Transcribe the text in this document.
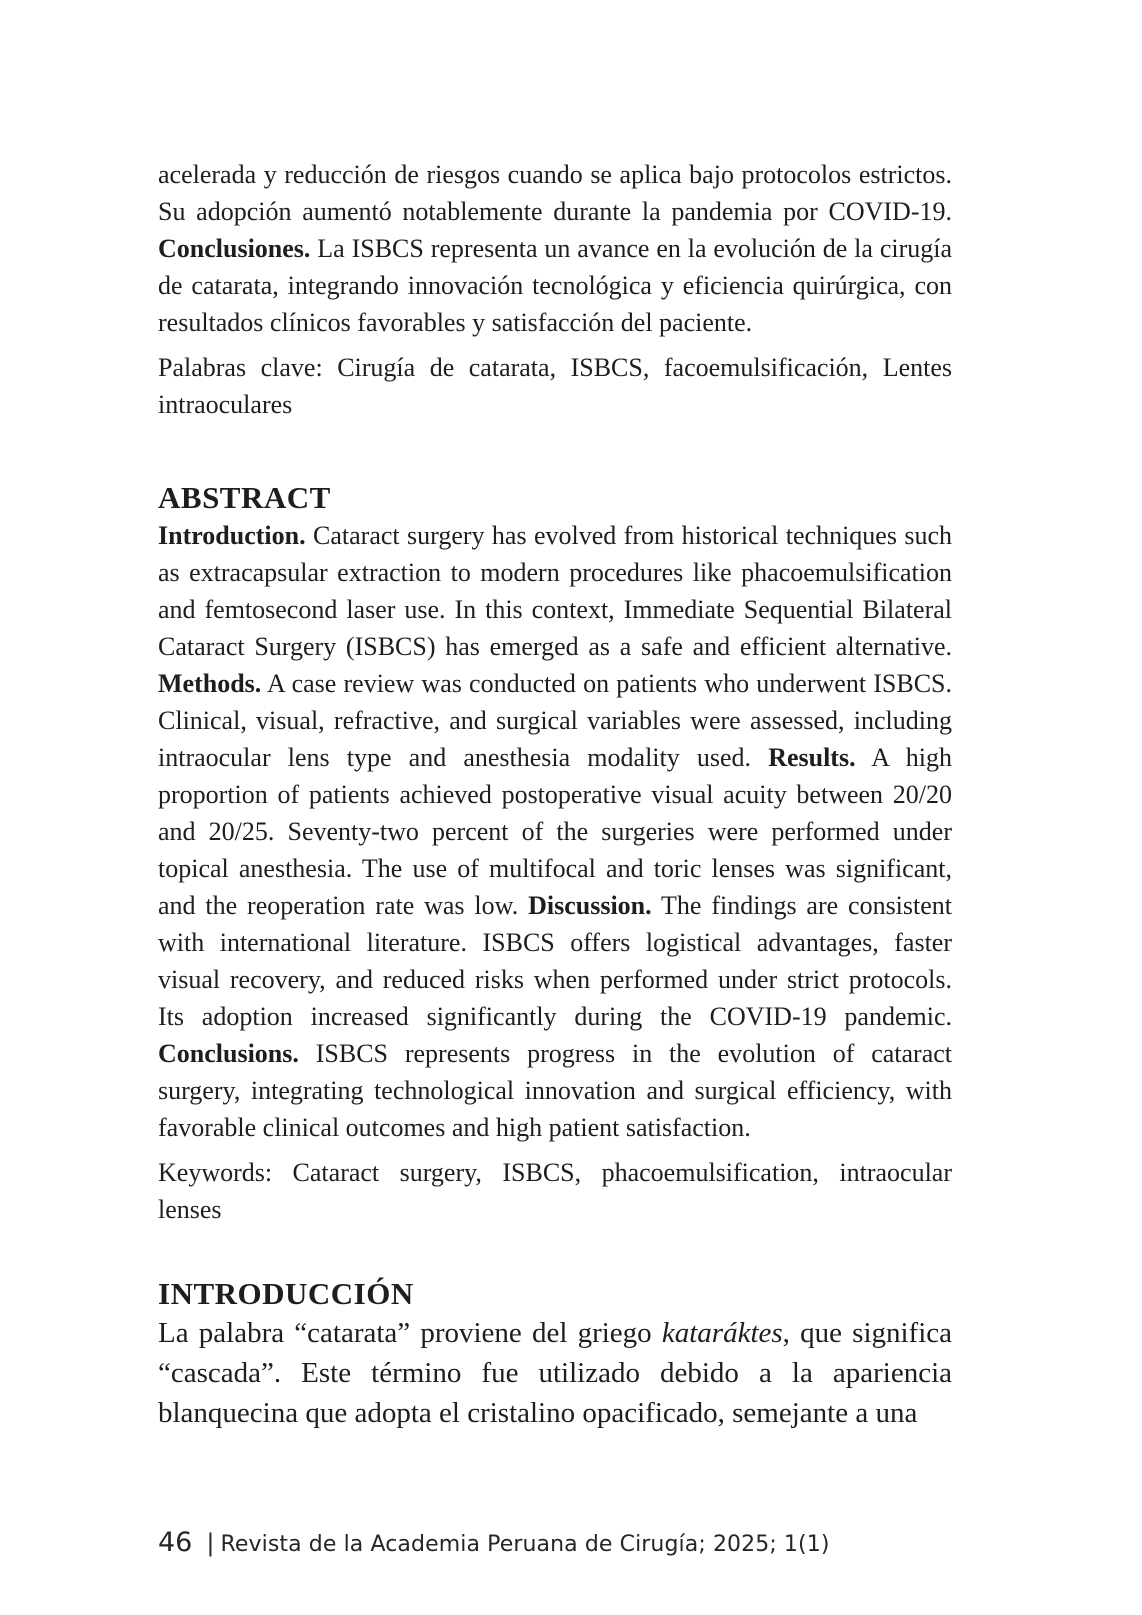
acelerada y reducción de riesgos cuando se aplica bajo protocolos estrictos. Su adopción aumentó notablemente durante la pandemia por COVID-19. Conclusiones. La ISBCS representa un avance en la evolución de la cirugía de catarata, integrando innovación tecnológica y eficiencia quirúrgica, con resultados clínicos favorables y satisfacción del paciente.

Palabras clave: Cirugía de catarata, ISBCS, facoemulsificación, Lentes intraoculares

ABSTRACT

Introduction. Cataract surgery has evolved from historical techniques such as extracapsular extraction to modern procedures like phacoemulsification and femtosecond laser use. In this context, Immediate Sequential Bilateral Cataract Surgery (ISBCS) has emerged as a safe and efficient alternative. Methods. A case review was conducted on patients who underwent ISBCS. Clinical, visual, refractive, and surgical variables were assessed, including intraocular lens type and anesthesia modality used. Results. A high proportion of patients achieved postoperative visual acuity between 20/20 and 20/25. Seventy-two percent of the surgeries were performed under topical anesthesia. The use of multifocal and toric lenses was significant, and the reoperation rate was low. Discussion. The findings are consistent with international literature. ISBCS offers logistical advantages, faster visual recovery, and reduced risks when performed under strict protocols. Its adoption increased significantly during the COVID-19 pandemic. Conclusions. ISBCS represents progress in the evolution of cataract surgery, integrating technological innovation and surgical efficiency, with favorable clinical outcomes and high patient satisfaction.

Keywords: Cataract surgery, ISBCS, phacoemulsification, intraocular lenses

INTRODUCCIÓN

La palabra “catarata” proviene del griego kataráktes, que significa “cascada”. Este término fue utilizado debido a la apariencia blanquecina que adopta el cristalino opacificado, semejante a una

46 | Revista de la Academia Peruana de Cirugía; 2025; 1(1)
